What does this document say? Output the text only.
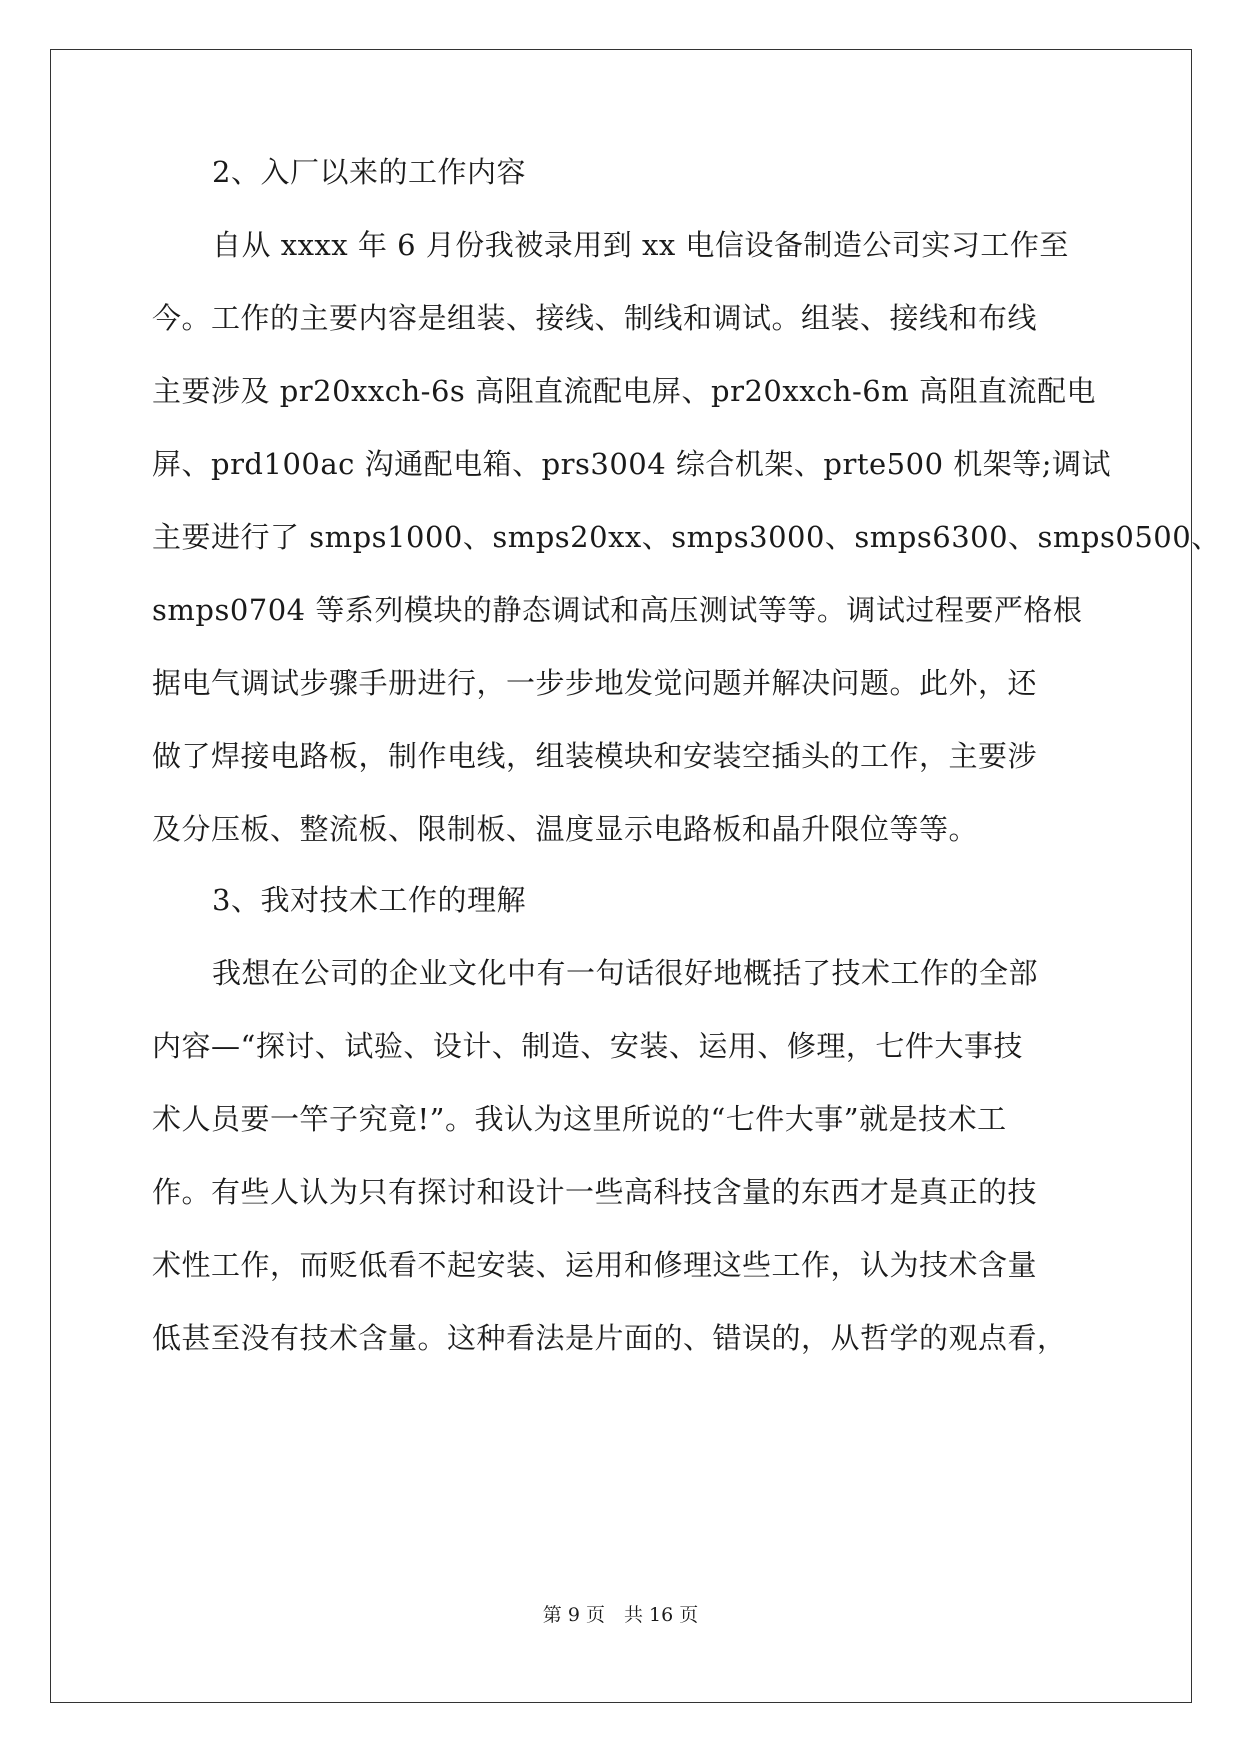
2、入厂以来的工作内容
自从 xxxx 年 6 月份我被录用到 xx 电信设备制造公司实习工作至
今。工作的主要内容是组装、接线、制线和调试。组装、接线和布线
主要涉及 pr20xxch-6s 高阻直流配电屏、pr20xxch-6m 高阻直流配电
屏、prd100ac 沟通配电箱、prs3004 综合机架、prte500 机架等;调试
主要进行了 smps1000、smps20xx、smps3000、smps6300、smps0500、
smps0704 等系列模块的静态调试和高压测试等等。调试过程要严格根
据电气调试步骤手册进行，一步步地发觉问题并解决问题。此外，还
做了焊接电路板，制作电线，组装模块和安装空插头的工作，主要涉
及分压板、整流板、限制板、温度显示电路板和晶升限位等等。
3、我对技术工作的理解
我想在公司的企业文化中有一句话很好地概括了技术工作的全部
内容—“探讨、试验、设计、制造、安装、运用、修理，七件大事技
术人员要一竿子究竟!”。我认为这里所说的“七件大事”就是技术工
作。有些人认为只有探讨和设计一些高科技含量的东西才是真正的技
术性工作，而贬低看不起安装、运用和修理这些工作，认为技术含量
低甚至没有技术含量。这种看法是片面的、错误的，从哲学的观点看，
第 9 页　共 16 页
